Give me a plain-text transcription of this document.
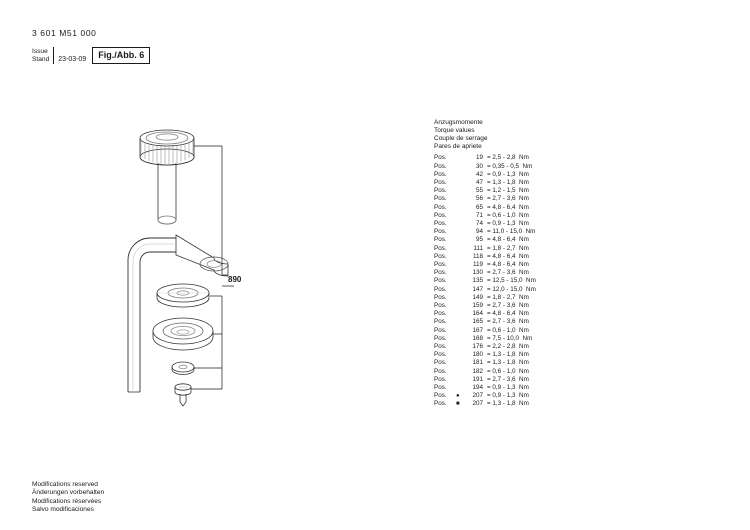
3 601 M51 000
Issue
Stand 23-03-09	Fig./Abb. 6
890
Anzugsmomente
Torque values
Couple de serrage
Pares de apriete
Pos.	19 = 2,5 - 2,8  Nm
Pos.	30 = 0,35 - 0,5  Nm
Pos.	42 = 0,9 - 1,3  Nm
Pos.	47 = 1,3 - 1,8  Nm
Pos.	55 = 1,2 - 1,5  Nm
Pos.	56 = 2,7 - 3,6  Nm
Pos.	65 = 4,8 - 6,4  Nm
Pos.	71 = 0,6 - 1,0  Nm
Pos.	74 = 0,9 - 1,3  Nm
Pos.	94 = 11,0 - 15,0  Nm
Pos.	95 = 4,8 - 6,4  Nm
Pos.	111 = 1,8 - 2,7  Nm
Pos.	118 = 4,8 - 6,4  Nm
Pos.	119 = 4,8 - 6,4  Nm
Pos.	130 = 2,7 - 3,6  Nm
Pos.	135 = 12,5 - 15,0  Nm
Pos.	147 = 12,0 - 15,0  Nm
Pos.	149 = 1,8 - 2,7  Nm
Pos.	159 = 2,7 - 3,6  Nm
Pos.	164 = 4,8 - 6,4  Nm
Pos.	165 = 2,7 - 3,6  Nm
Pos.	167 = 0,6 - 1,0  Nm
Pos.	168 = 7,5 - 10,0  Nm
Pos.	176 = 2,2 - 2,8  Nm
Pos.	180 = 1,3 - 1,8  Nm
Pos.	181 = 1,3 - 1,8  Nm
Pos.	182 = 0,6 - 1,0  Nm
Pos.	191 = 2,7 - 3,6  Nm
Pos.	194 = 0,9 - 1,3  Nm
Pos.	●	207 = 0,9 - 1,3  Nm
Pos.	■	207 = 1,3 - 1,8  Nm
Modifications reserved
Änderungen vorbehalten
Modifications réservées
Salvo modificaciones
